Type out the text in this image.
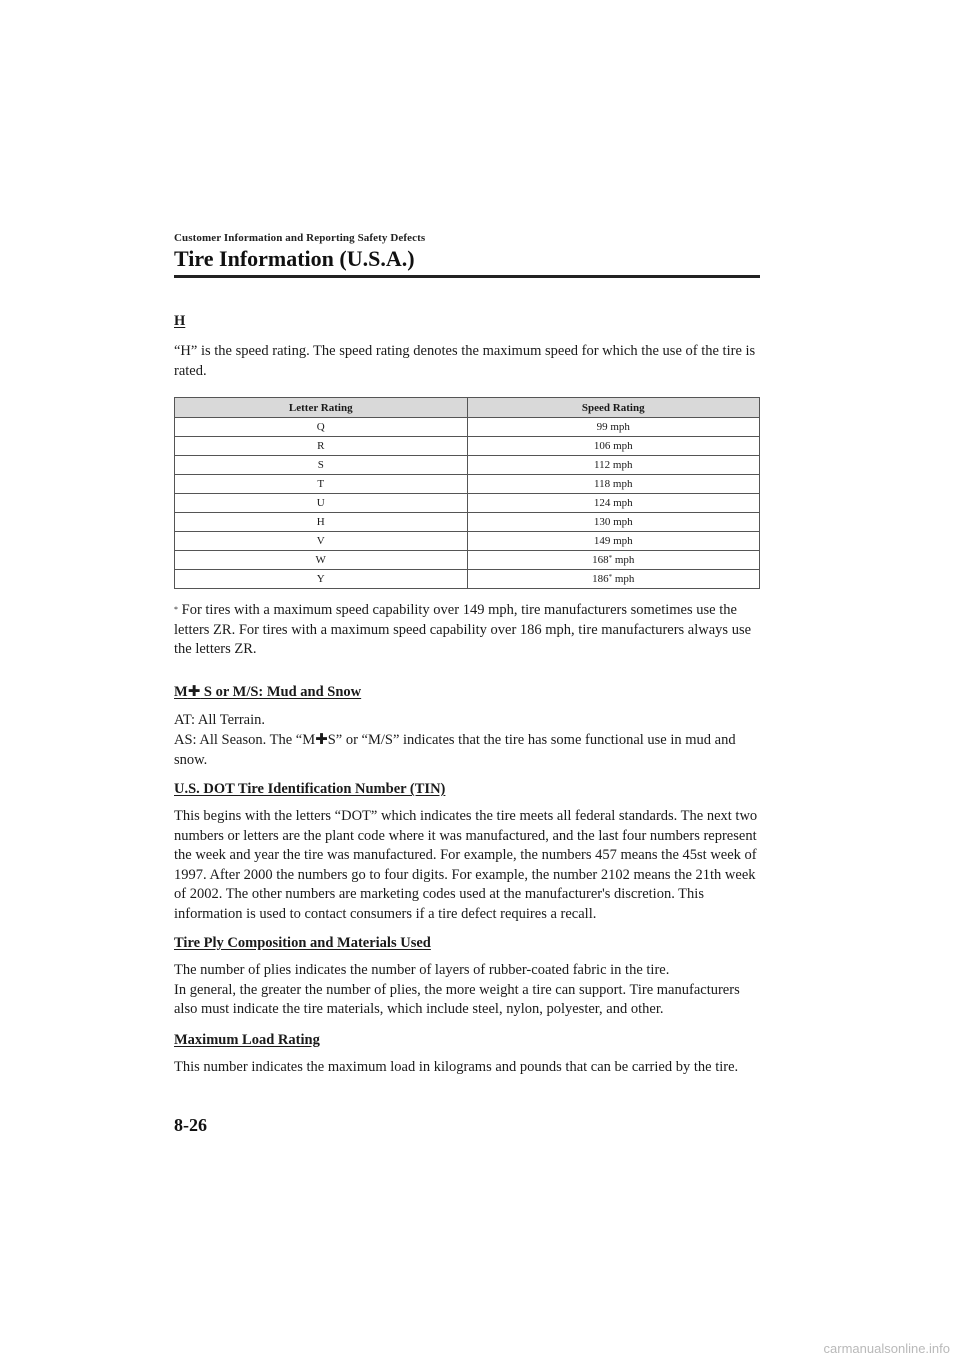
Customer Information and Reporting Safety Defects
Tire Information (U.S.A.)

H

“H” is the speed rating. The speed rating denotes the maximum speed for which the use of the tire is rated.

Letter Rating	Speed Rating
Q	99 mph
R	106 mph
S	112 mph
T	118 mph
U	124 mph
H	130 mph
V	149 mph
W	168* mph
Y	186* mph
* For tires with a maximum speed capability over 149 mph, tire manufacturers sometimes use the letters ZR. For tires with a maximum speed capability over 186 mph, tire manufacturers always use the letters ZR.

M✚ S or M/S: Mud and Snow

AT: All Terrain.

AS: All Season. The “M✚S” or “M/S” indicates that the tire has some functional use in mud and snow.

U.S. DOT Tire Identification Number (TIN)

This begins with the letters “DOT” which indicates the tire meets all federal standards. The next two numbers or letters are the plant code where it was manufactured, and the last four numbers represent the week and year the tire was manufactured. For example, the numbers 457 means the 45st week of 1997. After 2000 the numbers go to four digits. For example, the number 2102 means the 21th week of 2002. The other numbers are marketing codes used at the manufacturer's discretion. This information is used to contact consumers if a tire defect requires a recall.

Tire Ply Composition and Materials Used

The number of plies indicates the number of layers of rubber-coated fabric in the tire.

In general, the greater the number of plies, the more weight a tire can support. Tire manufacturers also must indicate the tire materials, which include steel, nylon, polyester, and other.

Maximum Load Rating

This number indicates the maximum load in kilograms and pounds that can be carried by the tire.

8-26
carmanualsonline.info
